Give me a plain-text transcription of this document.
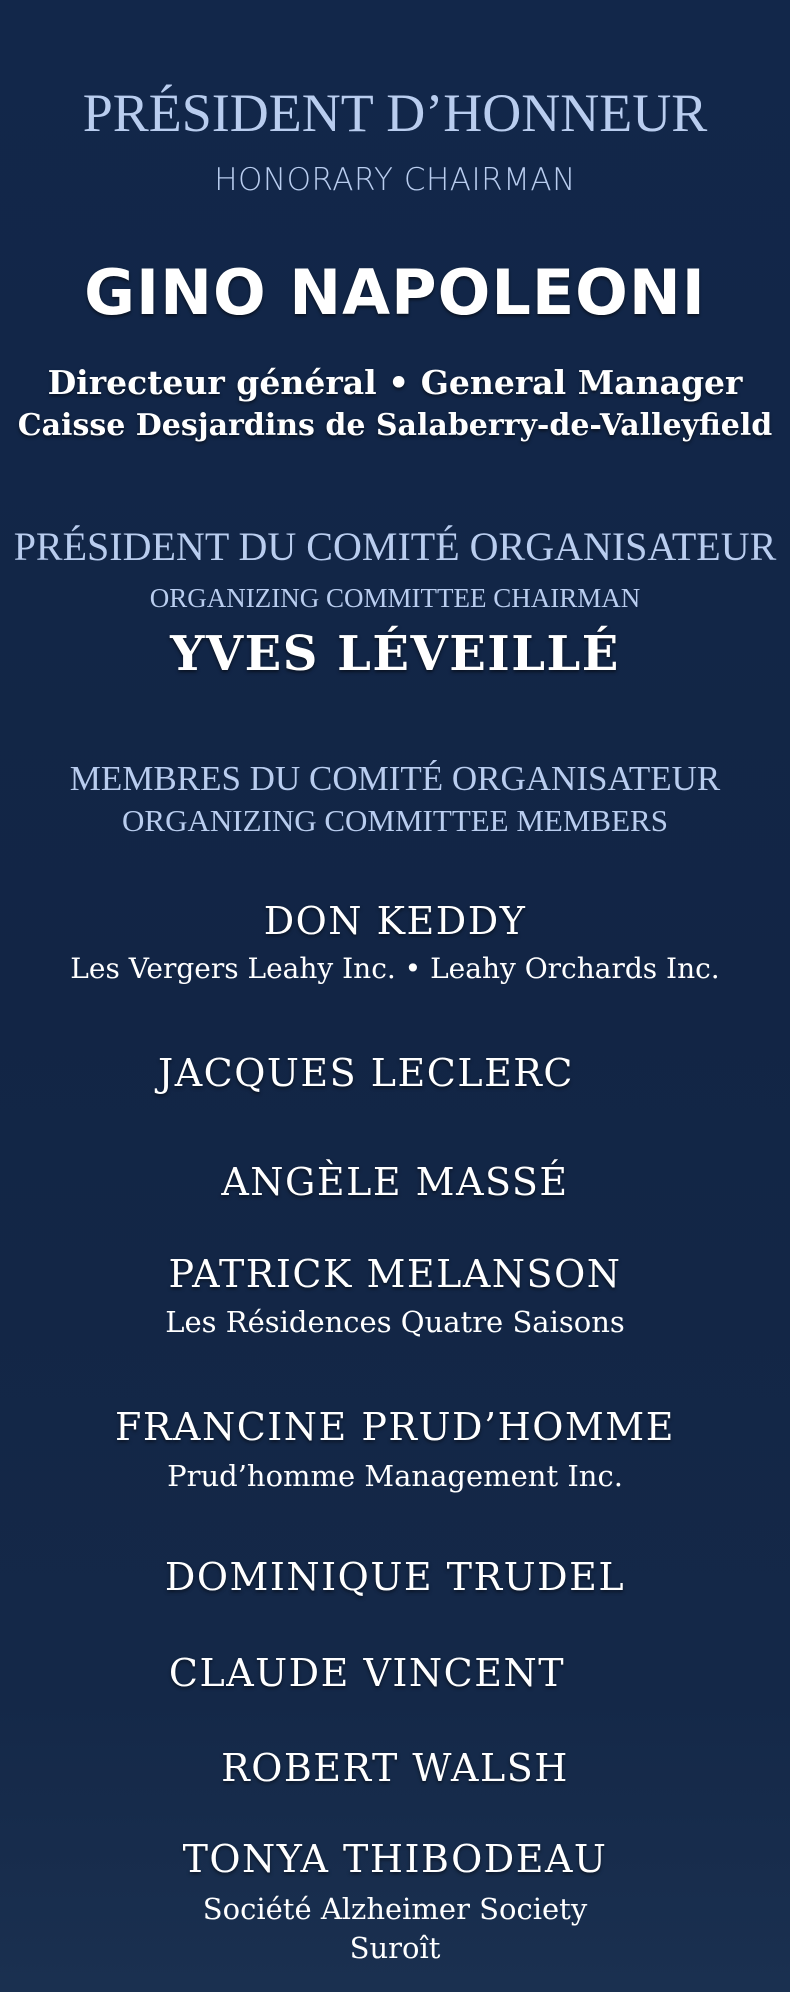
PRÉSIDENT D’HONNEUR
HONORARY CHAIRMAN
GINO NAPOLEONI
Directeur général • General Manager
Caisse Desjardins de Salaberry-de-Valleyfield
PRÉSIDENT DU COMITÉ ORGANISATEUR
ORGANIZING COMMITTEE CHAIRMAN
YVES LÉVEILLÉ
MEMBRES DU COMITÉ ORGANISATEUR
ORGANIZING COMMITTEE MEMBERS
DON KEDDY
Les Vergers Leahy Inc. • Leahy Orchards Inc.
JACQUES LECLERC
ANGÈLE MASSÉ
PATRICK MELANSON
Les Résidences Quatre Saisons
FRANCINE PRUD’HOMME
Prud’homme Management Inc.
DOMINIQUE TRUDEL
CLAUDE VINCENT
ROBERT WALSH
TONYA THIBODEAU
Société Alzheimer Society
Suroît
